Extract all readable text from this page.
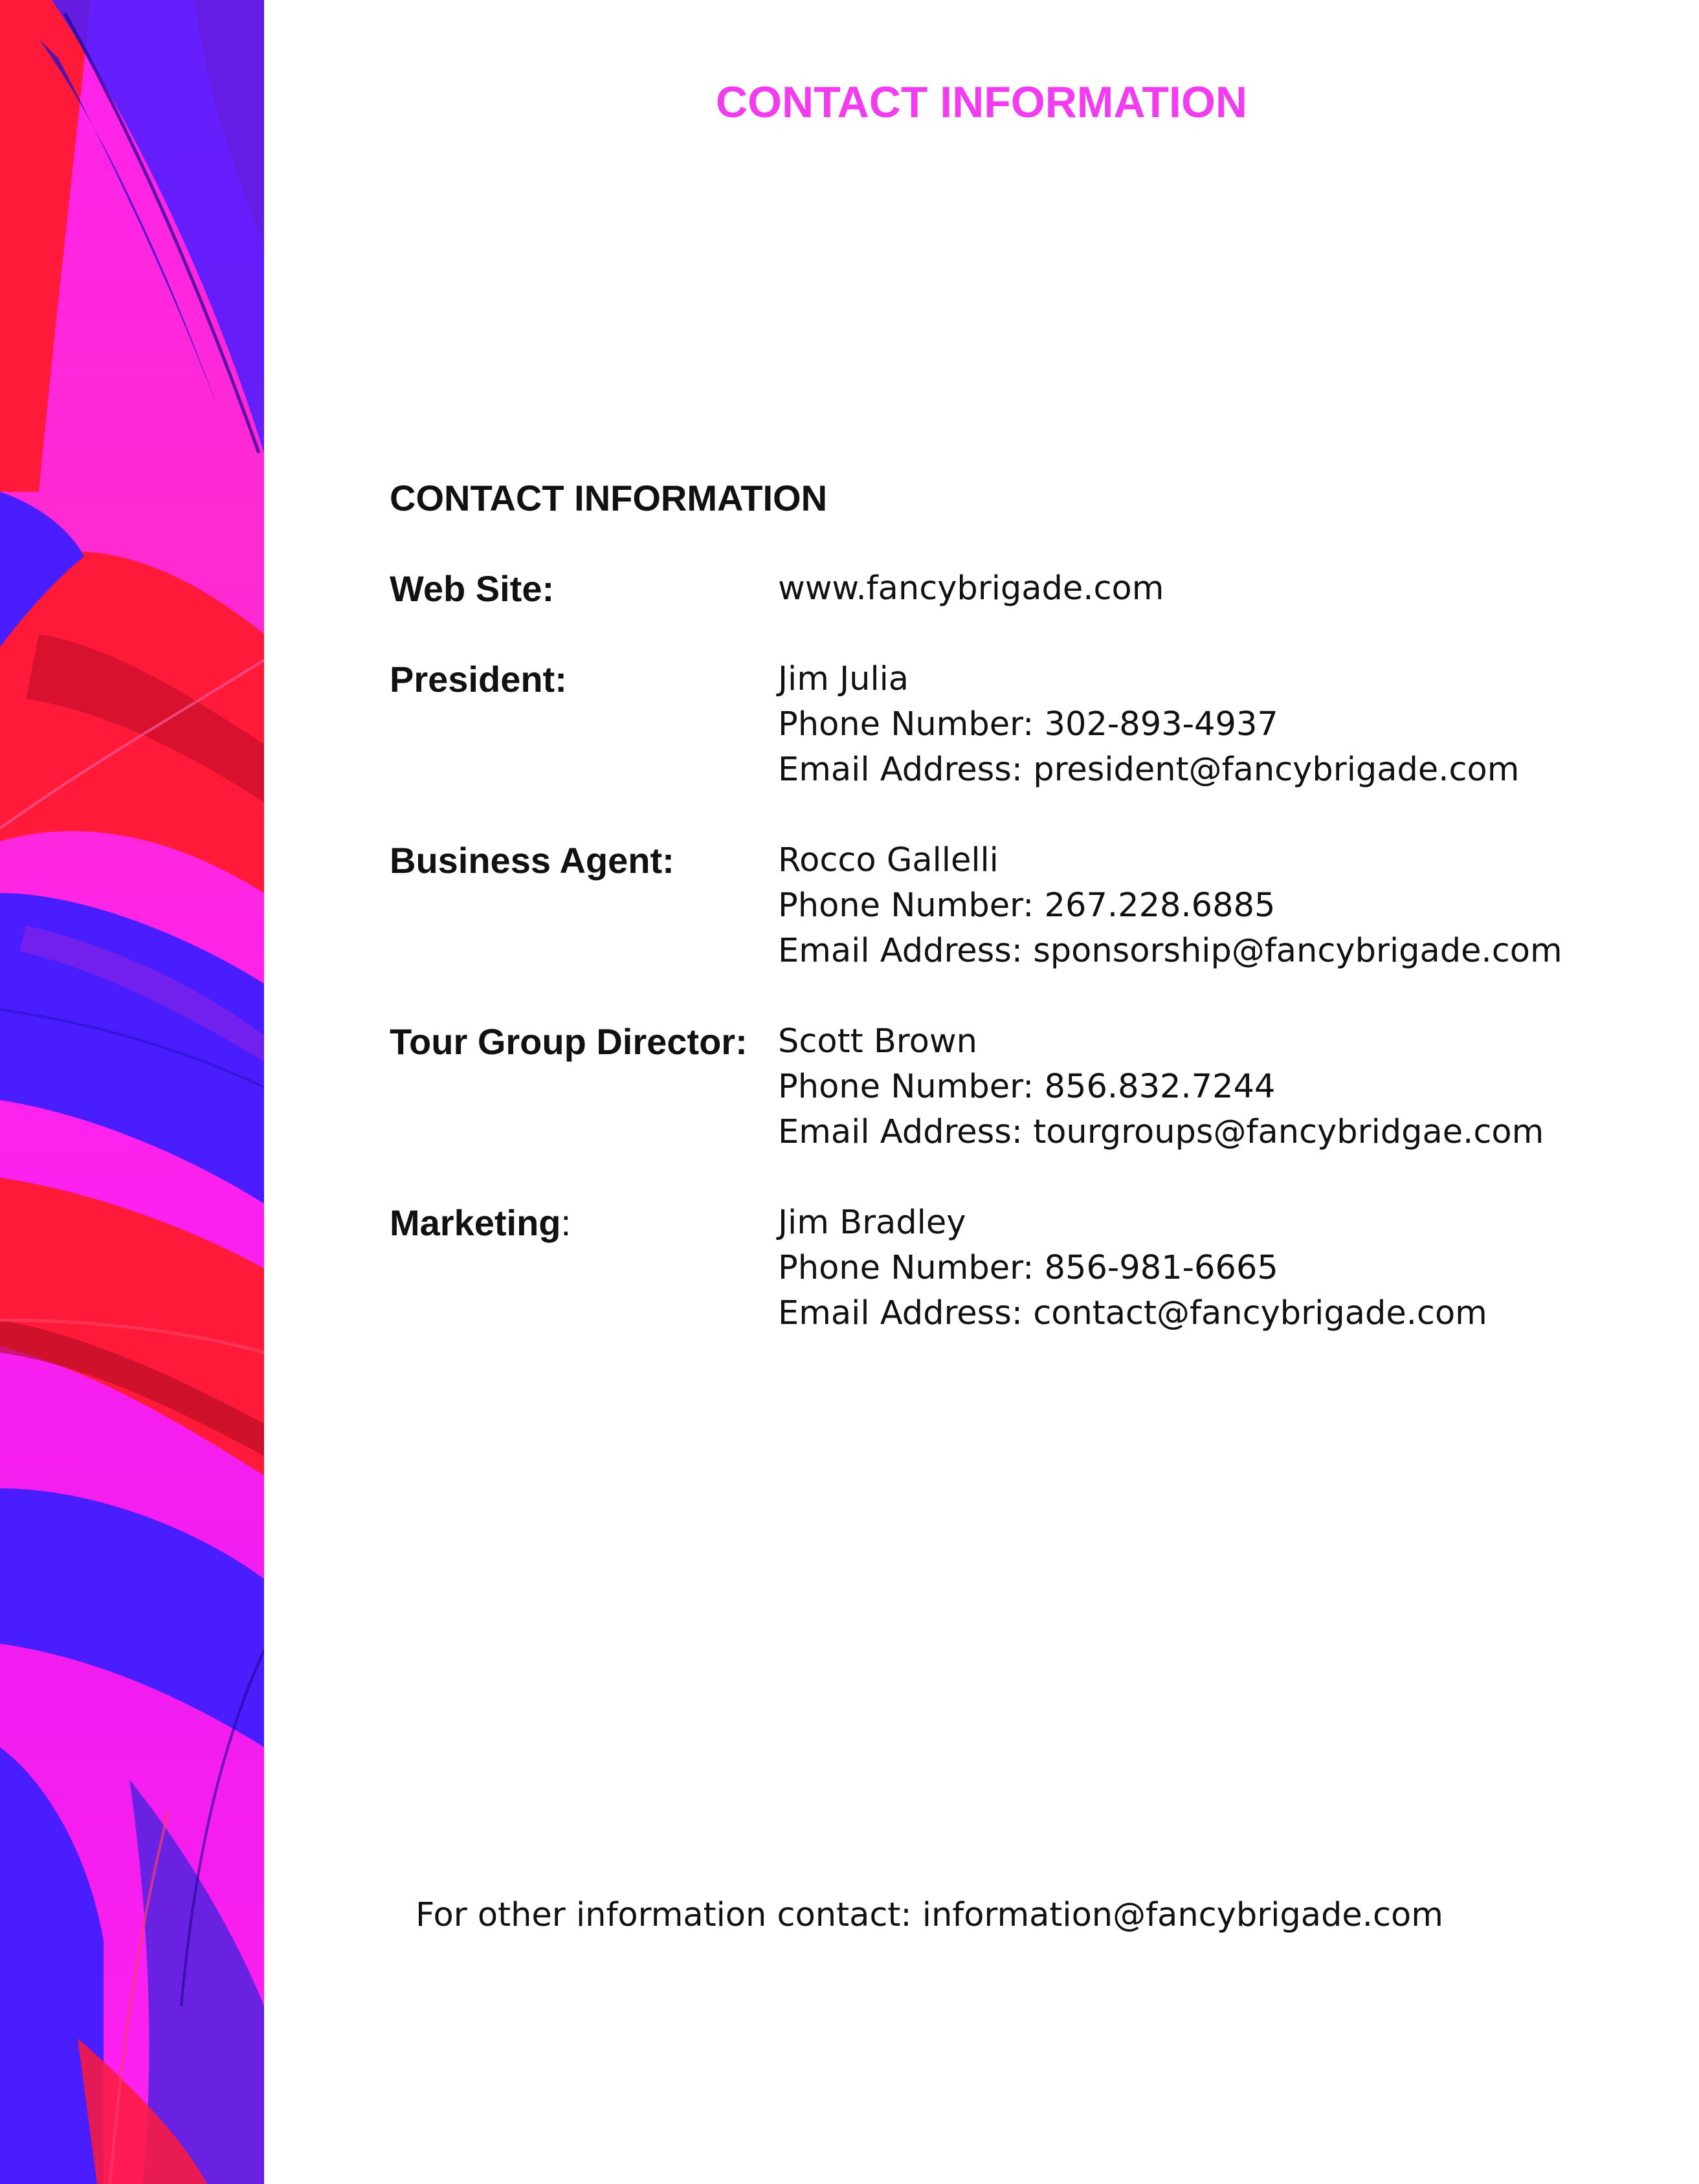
CONTACT INFORMATION
CONTACT INFORMATION
Web Site:	www.fancybrigade.com
President:	Jim Julia
Phone Number: 302-893-4937
Email Address: president@fancybrigade.com
Business Agent:	Rocco Gallelli
Phone Number: 267.228.6885
Email Address: sponsorship@fancybrigade.com
Tour Group Director: Scott Brown
Phone Number: 856.832.7244
Email Address: tourgroups@fancybridgae.com
Marketing:	Jim Bradley
Phone Number: 856-981-6665
Email Address: contact@fancybrigade.com
For other information contact: information@fancybrigade.com
